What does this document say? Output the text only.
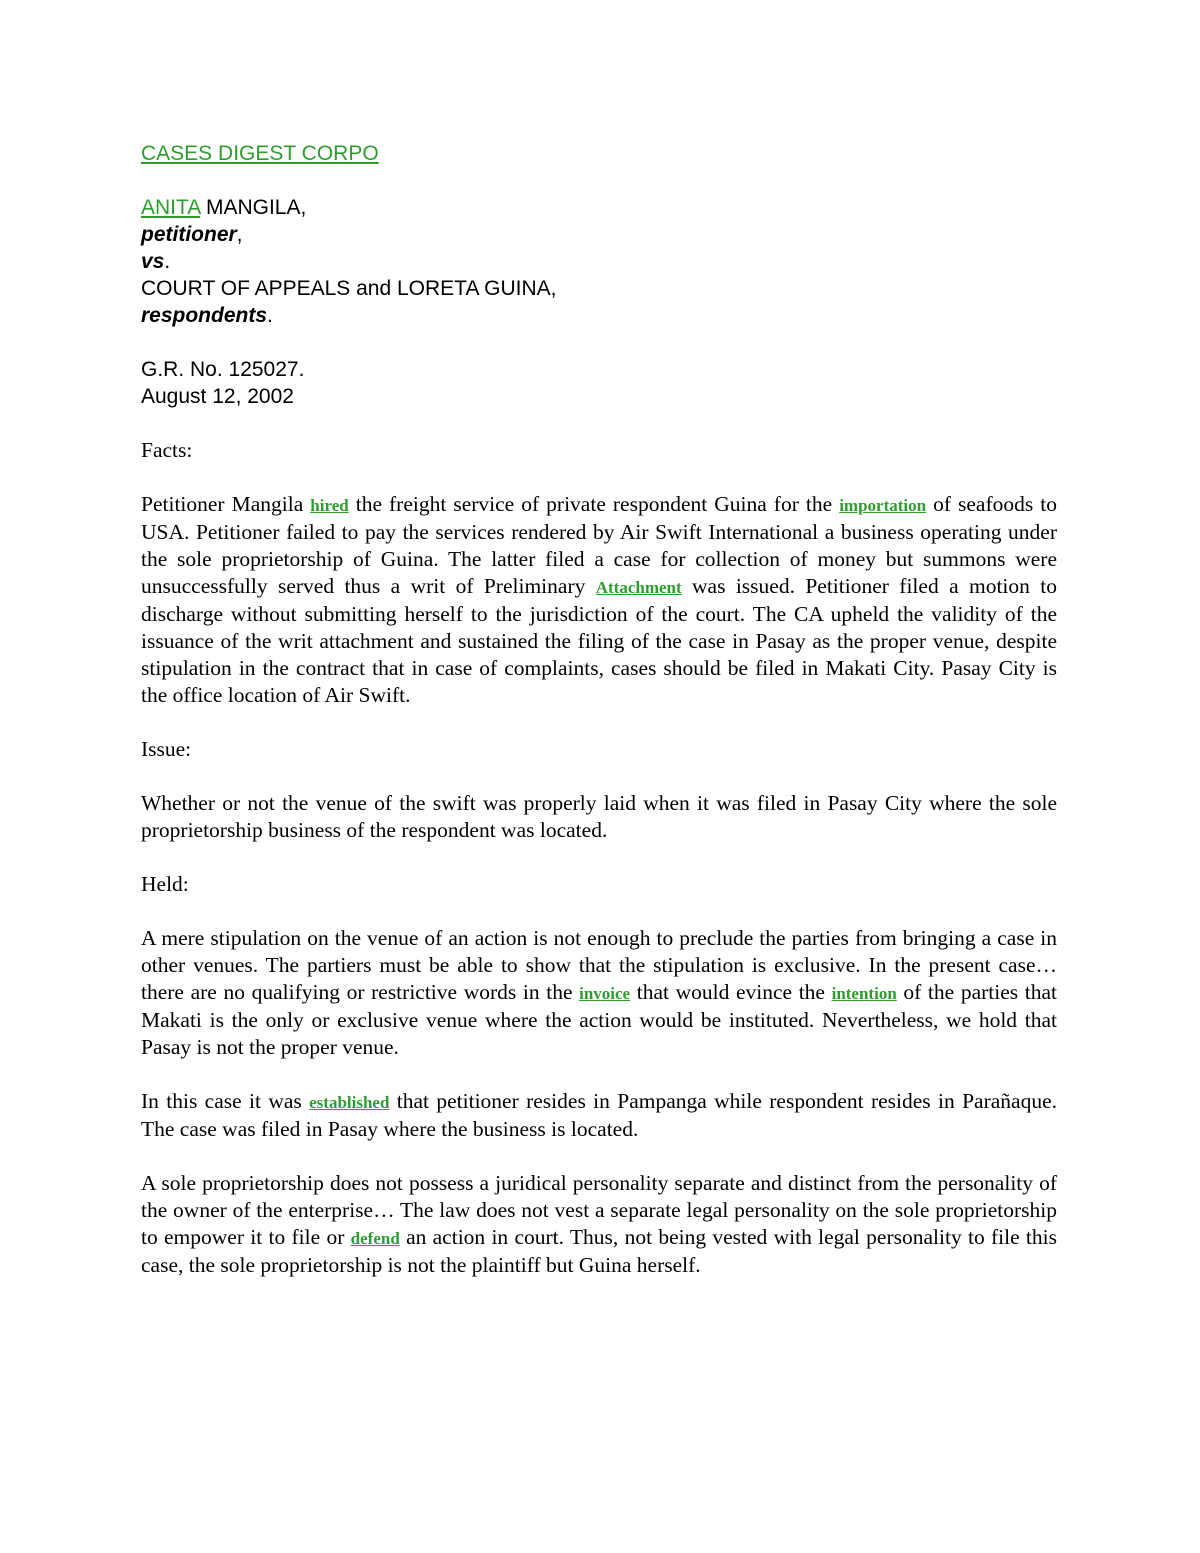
CASES DIGEST CORPO
ANITA MANGILA,
petitioner,
vs.
COURT OF APPEALS and LORETA GUINA,
respondents.
G.R. No. 125027.
August 12, 2002

Facts:

Petitioner Mangila hired the freight service of private respondent Guina for the importation of seafoods to USA. Petitioner failed to pay the services rendered by Air Swift International a business operating under the sole proprietorship of Guina. The latter filed a case for collection of money but summons were unsuccessfully served thus a writ of Preliminary Attachment was issued. Petitioner filed a motion to discharge without submitting herself to the jurisdiction of the court. The CA upheld the validity of the issuance of the writ attachment and sustained the filing of the case in Pasay as the proper venue, despite stipulation in the contract that in case of complaints, cases should be filed in Makati City. Pasay City is the office location of Air Swift.

Issue:

Whether or not the venue of the swift was properly laid when it was filed in Pasay City where the sole proprietorship business of the respondent was located.

Held:

A mere stipulation on the venue of an action is not enough to preclude the parties from bringing a case in other venues. The partiers must be able to show that the stipulation is exclusive. In the present case… there are no qualifying or restrictive words in the invoice that would evince the intention of the parties that Makati is the only or exclusive venue where the action would be instituted. Nevertheless, we hold that Pasay is not the proper venue.

In this case it was established that petitioner resides in Pampanga while respondent resides in Parañaque. The case was filed in Pasay where the business is located.

A sole proprietorship does not possess a juridical personality separate and distinct from the personality of the owner of the enterprise… The law does not vest a separate legal personality on the sole proprietorship to empower it to file or defend an action in court. Thus, not being vested with legal personality to file this case, the sole proprietorship is not the plaintiff but Guina herself.
